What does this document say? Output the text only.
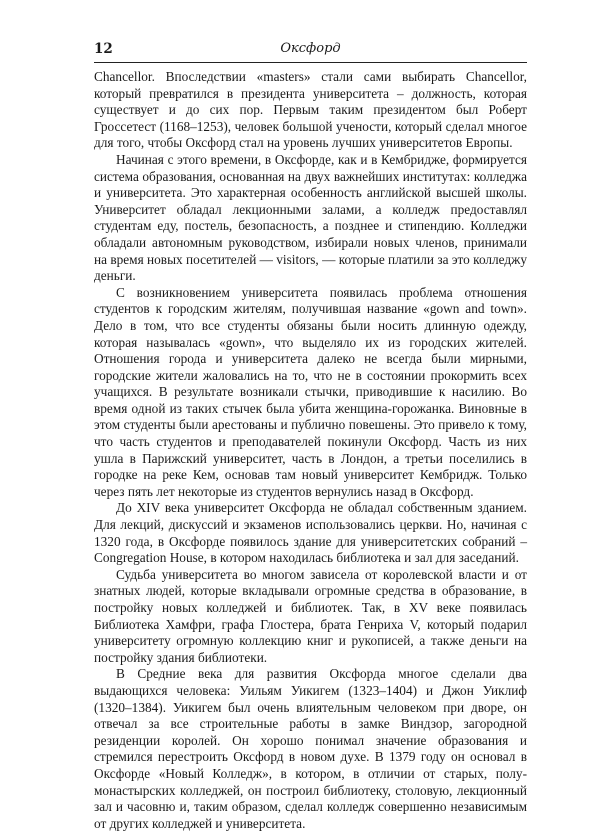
12	Оксфорд

Chancellor. Впоследствии «masters» стали сами выбирать Chancellor, который превратился в президента университета – должность, которая существует и до сих пор. Первым таким президентом был Роберт Гроссетест (1168–1253), человек большой учености, который сделал многое для того, чтобы Оксфорд стал на уровень лучших университетов Европы.

Начиная с этого времени, в Оксфорде, как и в Кембридже, формируется система образования, основанная на двух важнейших институтах: колледжа и университета. Это характерная особенность английской высшей школы. Университет обладал лекционными залами, а колледж предоставлял студентам еду, постель, безопасность, а позднее и стипендию. Колледжи обладали автономным руководством, избирали новых членов, принимали на время новых посетителей — visitors, — которые платили за это колледжу деньги.

С возникновением университета появилась проблема отношения студентов к городским жителям, получившая название «gown and town». Дело в том, что все студенты обязаны были носить длинную одежду, которая называлась «gown», что выделяло их из городских жителей. Отношения города и университета далеко не всегда были мирными, городские жители жаловались на то, что не в состоянии прокормить всех учащихся. В результате возникали стычки, приводившие к насилию. Во время одной из таких стычек была убита женщина-горожанка. Виновные в этом студенты были арестованы и публично повешены. Это привело к тому, что часть студентов и преподавателей покинули Оксфорд. Часть из них ушла в Парижский университет, часть в Лондон, а третьи поселились в городке на реке Кем, основав там новый университет Кембридж. Только через пять лет некоторые из студентов вернулись назад в Оксфорд.

До XIV века университет Оксфорда не обладал собственным зданием. Для лекций, дискуссий и экзаменов использовались церкви. Но, начиная с 1320 года, в Оксфорде появилось здание для университетских собраний – Congregation House, в котором находилась библиотека и зал для заседаний.

Судьба университета во многом зависела от королевской власти и от знатных людей, которые вкладывали огромные средства в образование, в постройку новых колледжей и библиотек. Так, в XV веке появилась Библиотека Хамфри, графа Глостера, брата Генриха V, который подарил университету огромную коллекцию книг и рукописей, а также деньги на постройку здания библиотеки.

В Средние века для развития Оксфорда многое сделали два выдающихся человека: Уильям Уикигем (1323–1404) и Джон Уиклиф (1320–1384). Уикигем был очень влиятельным человеком при дворе, он отвечал за все строительные работы в замке Виндзор, загородной резиденции королей. Он хорошо понимал значение образования и стремился перестроить Оксфорд в новом духе. В 1379 году он основал в Оксфорде «Новый Колледж», в котором, в отличии от старых, полу-монастырских колледжей, он построил библиотеку, столовую, лекционный зал и часовню и, таким образом, сделал колледж совершенно независимым от других колледжей и университета.
